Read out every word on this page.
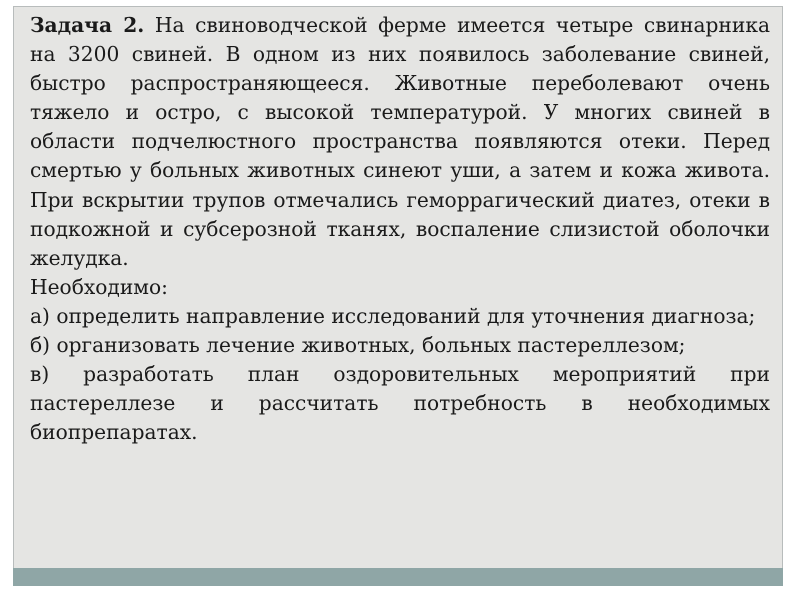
Задача 2. На свиноводческой ферме имеется четыре свинарника на 3200 свиней. В одном из них появилось заболевание свиней, быстро распространяющееся. Животные переболевают очень тяжело и остро, с высокой температурой. У многих свиней в области подчелюстного пространства появляются отеки. Перед смертью у больных животных синеют уши, а затем и кожа живота. При вскрытии трупов отмечались геморрагический диатез, отеки в подкожной и субсерозной тканях, воспаление слизистой оболочки желудка.

Необходимо:

а) определить направление исследований для уточнения диагноза;

б) организовать лечение животных, больных пастереллезом;

в) разработать план оздоровительных мероприятий при пастереллезе и рассчитать потребность в необходимых биопрепаратах.
